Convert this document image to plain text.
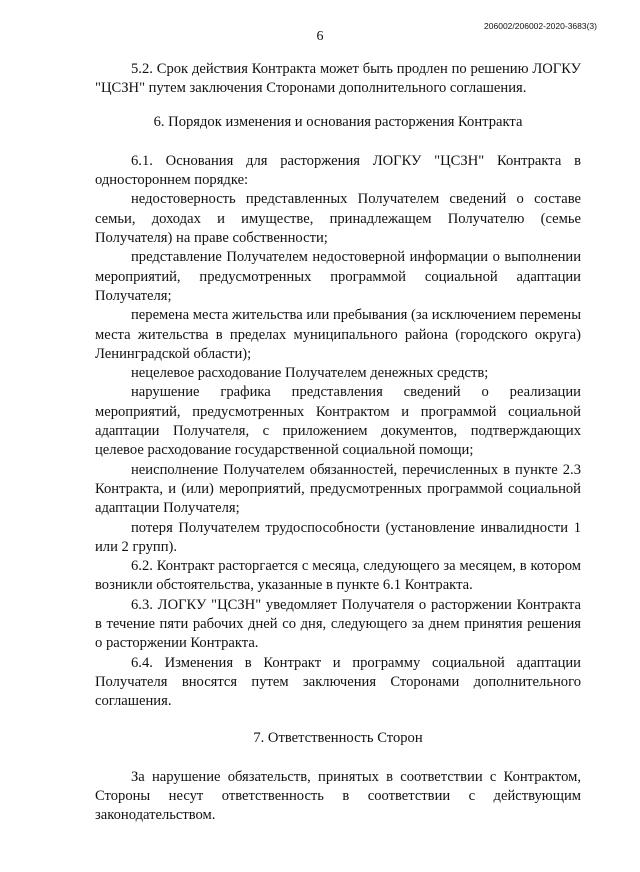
6
206002/206002-2020-3683(3)

5.2. Срок действия Контракта может быть продлен по решению ЛОГКУ "ЦСЗН" путем заключения Сторонами дополнительного соглашения.

6. Порядок изменения и основания расторжения Контракта

6.1. Основания для расторжения ЛОГКУ "ЦСЗН" Контракта в одностороннем порядке:

недостоверность представленных Получателем сведений о составе семьи, доходах и имуществе, принадлежащем Получателю (семье Получателя) на праве собственности;

представление Получателем недостоверной информации о выполнении мероприятий, предусмотренных программой социальной адаптации Получателя;

перемена места жительства или пребывания (за исключением перемены места жительства в пределах муниципального района (городского округа) Ленинградской области);

нецелевое расходование Получателем денежных средств;

нарушение графика представления сведений о реализации мероприятий, предусмотренных Контрактом и программой социальной адаптации Получателя, с приложением документов, подтверждающих целевое расходование государственной социальной помощи;

неисполнение Получателем обязанностей, перечисленных в пункте 2.3 Контракта, и (или) мероприятий, предусмотренных программой социальной адаптации Получателя;

потеря Получателем трудоспособности (установление инвалидности 1 или 2 групп).

6.2. Контракт расторгается с месяца, следующего за месяцем, в котором возникли обстоятельства, указанные в пункте 6.1 Контракта.

6.3. ЛОГКУ "ЦСЗН" уведомляет Получателя о расторжении Контракта в течение пяти рабочих дней со дня, следующего за днем принятия решения о расторжении Контракта.

6.4. Изменения в Контракт и программу социальной адаптации Получателя вносятся путем заключения Сторонами дополнительного соглашения.

7. Ответственность Сторон

За нарушение обязательств, принятых в соответствии с Контрактом, Стороны несут ответственность в соответствии с действующим законодательством.
